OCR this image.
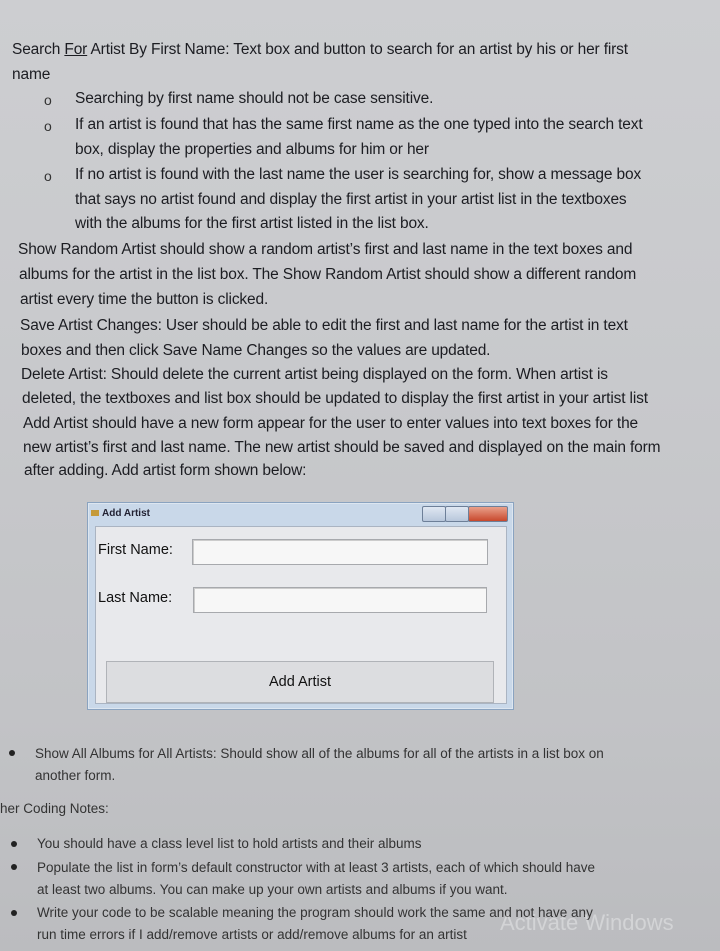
Search For Artist By First Name: Text box and button to search for an artist by his or her first
name
o Searching by first name should not be case sensitive.
o If an artist is found that has the same first name as the one typed into the search text
box, display the properties and albums for him or her
o If no artist is found with the last name the user is searching for, show a message box
that says no artist found and display the first artist in your artist list in the textboxes
with the albums for the first artist listed in the list box.
Show Random Artist should show a random artist’s first and last name in the text boxes and
albums for the artist in the list box. The Show Random Artist should show a different random
artist every time the button is clicked.
Save Artist Changes: User should be able to edit the first and last name for the artist in text
boxes and then click Save Name Changes so the values are updated.
Delete Artist: Should delete the current artist being displayed on the form. When artist is
deleted, the textboxes and list box should be updated to display the first artist in your artist list
Add Artist should have a new form appear for the user to enter values into text boxes for the
new artist’s first and last name. The new artist should be saved and displayed on the main form
after adding. Add artist form shown below:
Add Artist
First Name:
Last Name:
Add Artist
Show All Albums for All Artists: Should show all of the albums for all of the artists in a list box on
another form.
her Coding Notes:
You should have a class level list to hold artists and their albums
Populate the list in form’s default constructor with at least 3 artists, each of which should have
at least two albums. You can make up your own artists and albums if you want.
Write your code to be scalable meaning the program should work the same and not have any
run time errors if I add/remove artists or add/remove albums for an artist Activate Windows
